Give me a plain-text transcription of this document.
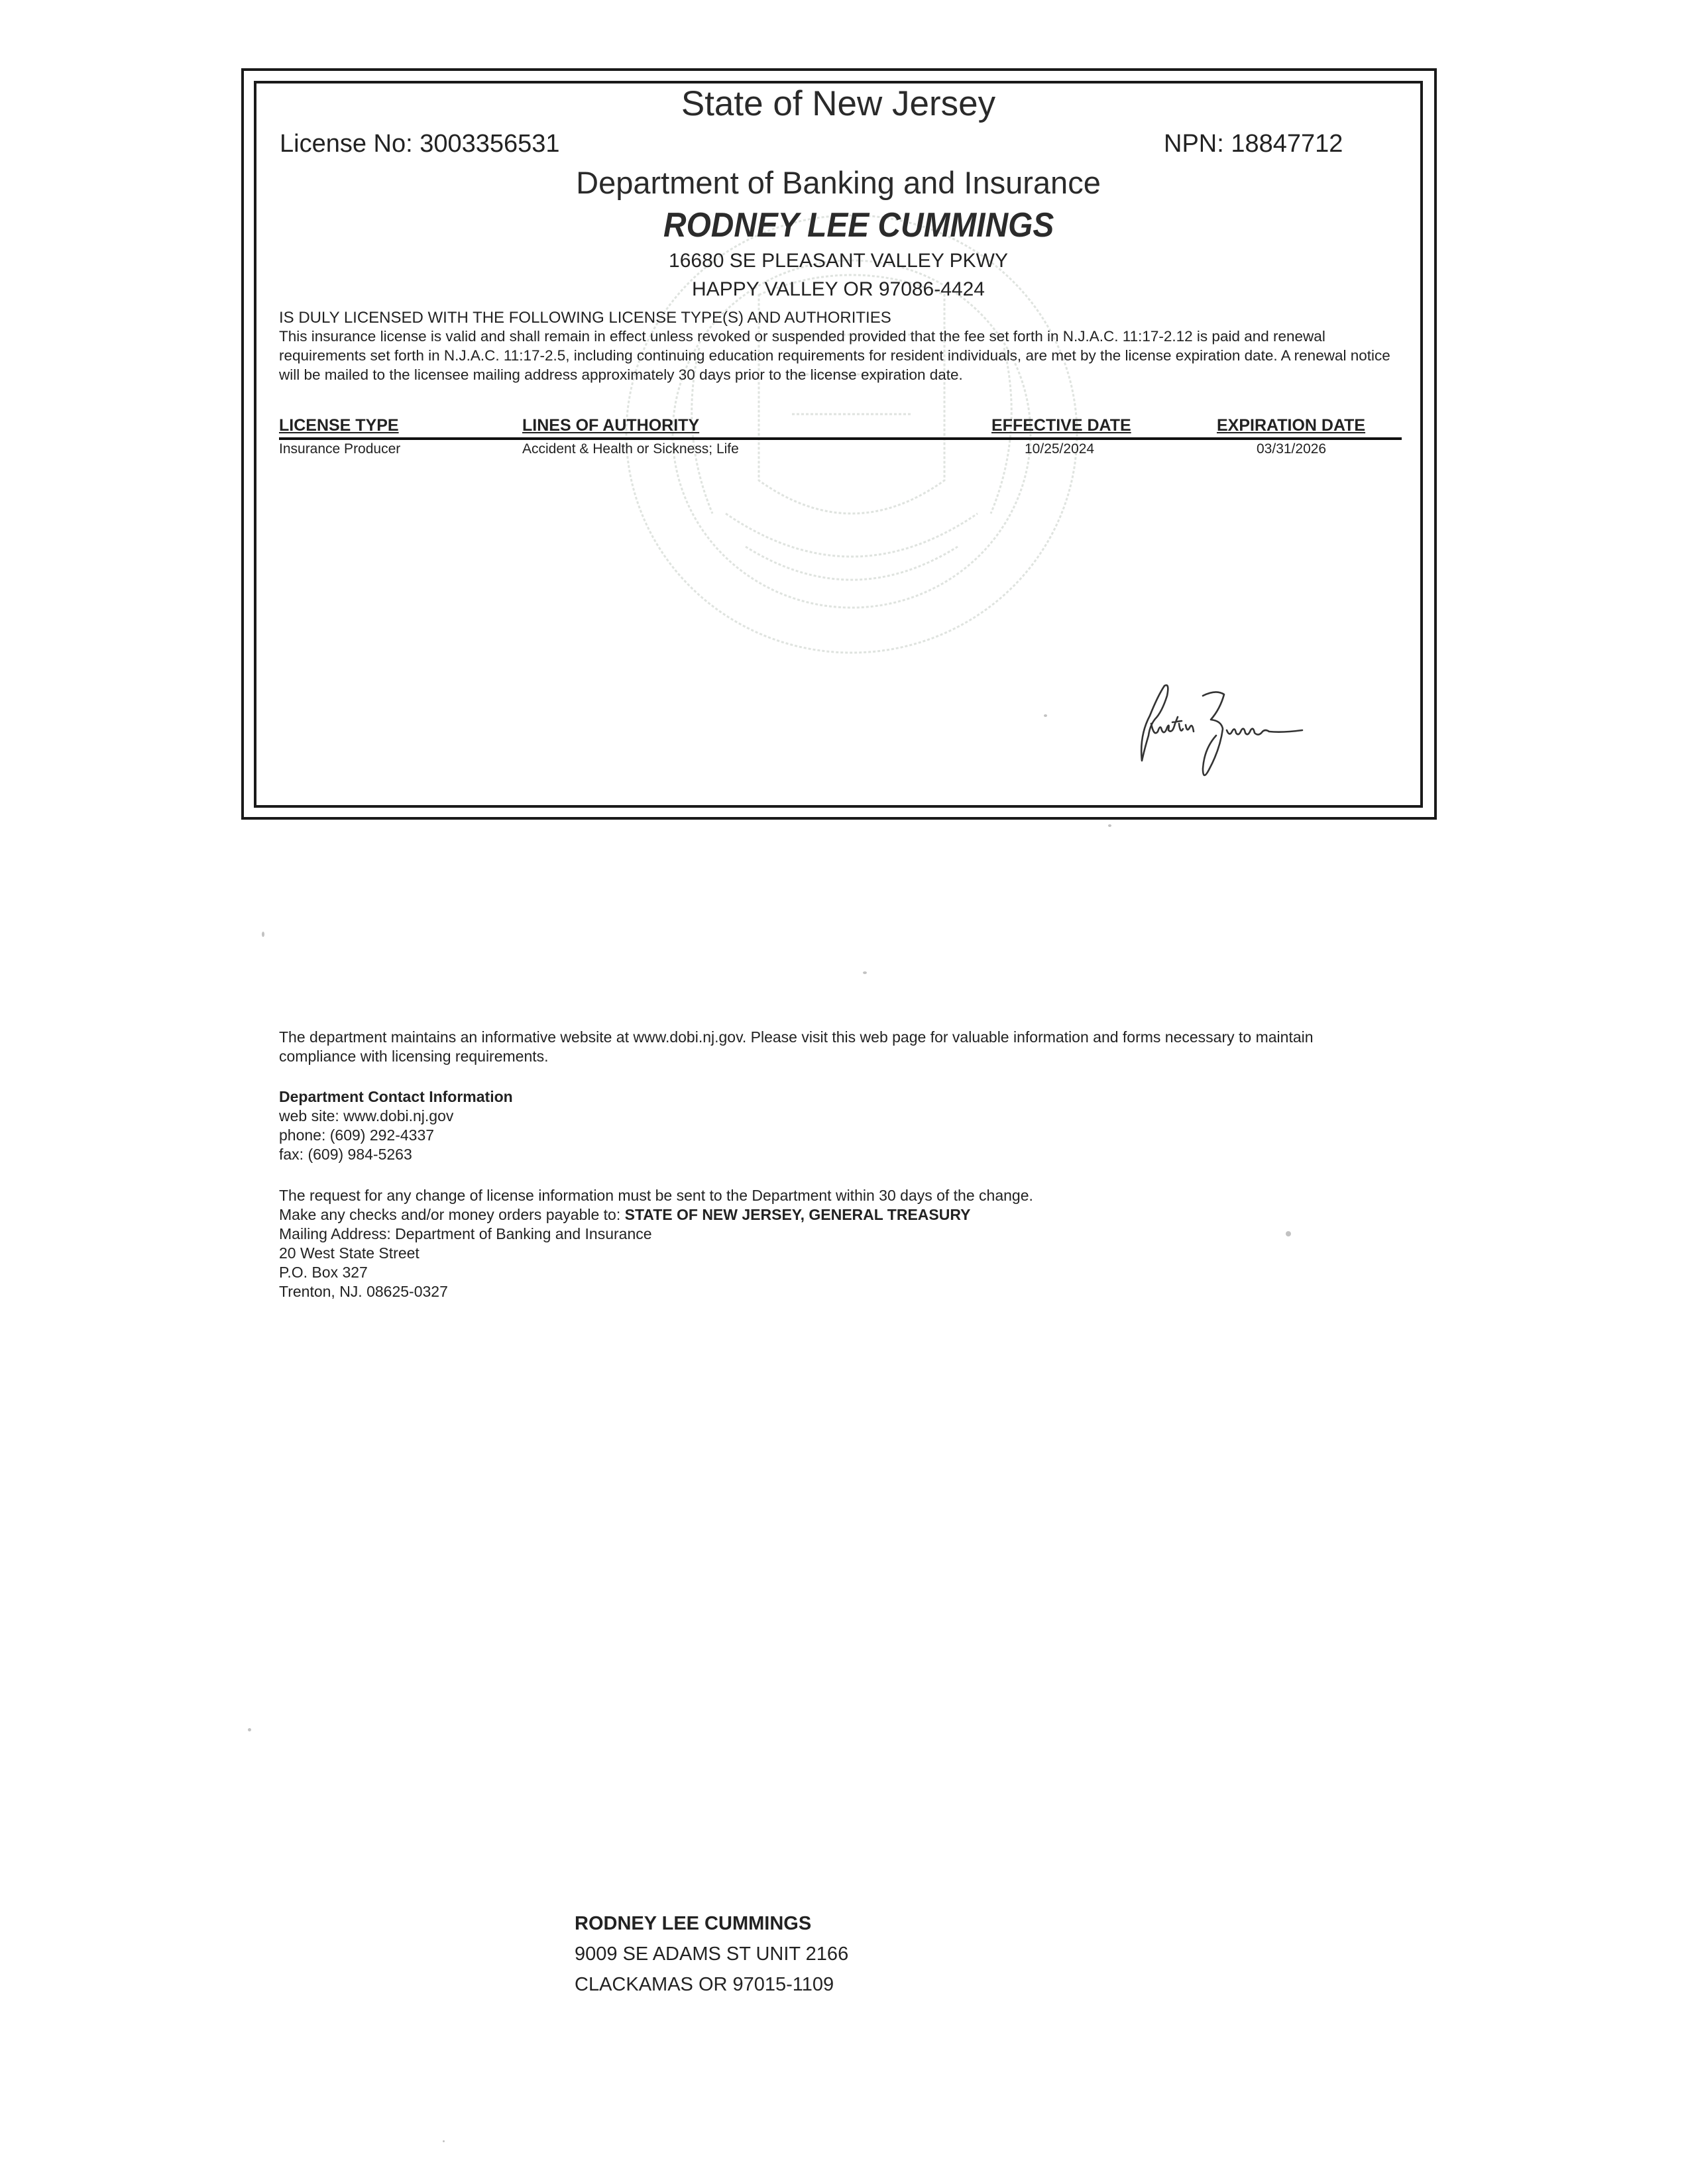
State of New Jersey
License No: 3003356531	NPN: 18847712
Department of Banking and Insurance
RODNEY LEE CUMMINGS
16680 SE PLEASANT VALLEY PKWY
HAPPY VALLEY OR 97086-4424
IS DULY LICENSED WITH THE FOLLOWING LICENSE TYPE(S) AND AUTHORITIES
This insurance license is valid and shall remain in effect unless revoked or suspended provided that the fee set forth in N.J.A.C. 11:17-2.12 is paid and renewal requirements set forth in N.J.A.C. 11:17-2.5, including continuing education requirements for resident individuals, are met by the license expiration date. A renewal notice will be mailed to the licensee mailing address approximately 30 days prior to the license expiration date.
LICENSE TYPE	LINES OF AUTHORITY	EFFECTIVE DATE	EXPIRATION DATE
Insurance Producer	Accident & Health or Sickness; Life	10/25/2024	03/31/2026
The department maintains an informative website at www.dobi.nj.gov. Please visit this web page for valuable information and forms necessary to maintain compliance with licensing requirements.
Department Contact Information
web site: www.dobi.nj.gov
phone: (609) 292-4337
fax: (609) 984-5263
The request for any change of license information must be sent to the Department within 30 days of the change.
Make any checks and/or money orders payable to: STATE OF NEW JERSEY, GENERAL TREASURY
Mailing Address: Department of Banking and Insurance
20 West State Street
P.O. Box 327
Trenton, NJ. 08625-0327
RODNEY LEE CUMMINGS
9009 SE ADAMS ST UNIT 2166
CLACKAMAS OR 97015-1109
